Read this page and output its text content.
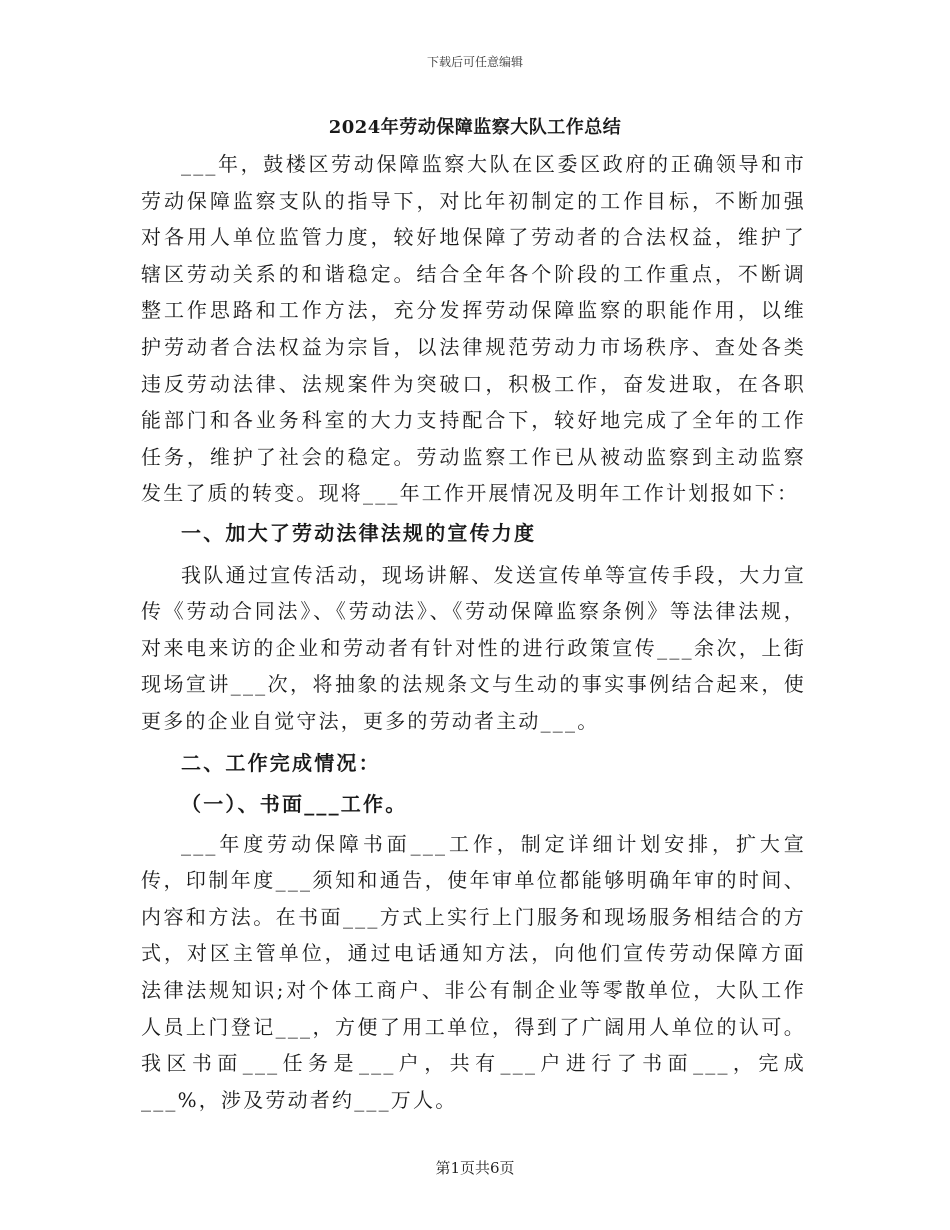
下载后可任意编辑
2024年劳动保障监察大队工作总结

___年，鼓楼区劳动保障监察大队在区委区政府的正确领导和市劳动保障监察支队的指导下，对比年初制定的工作目标，不断加强对各用人单位监管力度，较好地保障了劳动者的合法权益，维护了辖区劳动关系的和谐稳定。结合全年各个阶段的工作重点，不断调整工作思路和工作方法，充分发挥劳动保障监察的职能作用，以维护劳动者合法权益为宗旨，以法律规范劳动力市场秩序、查处各类违反劳动法律、法规案件为突破口，积极工作，奋发进取，在各职能部门和各业务科室的大力支持配合下，较好地完成了全年的工作任务，维护了社会的稳定。劳动监察工作已从被动监察到主动监察发生了质的转变。现将___年工作开展情况及明年工作计划报如下：

一、加大了劳动法律法规的宣传力度

我队通过宣传活动，现场讲解、发送宣传单等宣传手段，大力宣传《劳动合同法》、《劳动法》、《劳动保障监察条例》等法律法规，对来电来访的企业和劳动者有针对性的进行政策宣传___余次，上街现场宣讲___次，将抽象的法规条文与生动的事实事例结合起来，使更多的企业自觉守法，更多的劳动者主动___。

二、工作完成情况：

（一）、书面___工作。

___年度劳动保障书面___工作，制定详细计划安排，扩大宣传，印制年度___须知和通告，使年审单位都能够明确年审的时间、内容和方法。在书面___方式上实行上门服务和现场服务相结合的方式，对区主管单位，通过电话通知方法，向他们宣传劳动保障方面法律法规知识;对个体工商户、非公有制企业等零散单位，大队工作人员上门登记___，方便了用工单位，得到了广阔用人单位的认可。我区书面___任务是___户，共有___户进行了书面___，完成___%，涉及劳动者约___万人。

第1页共6页
